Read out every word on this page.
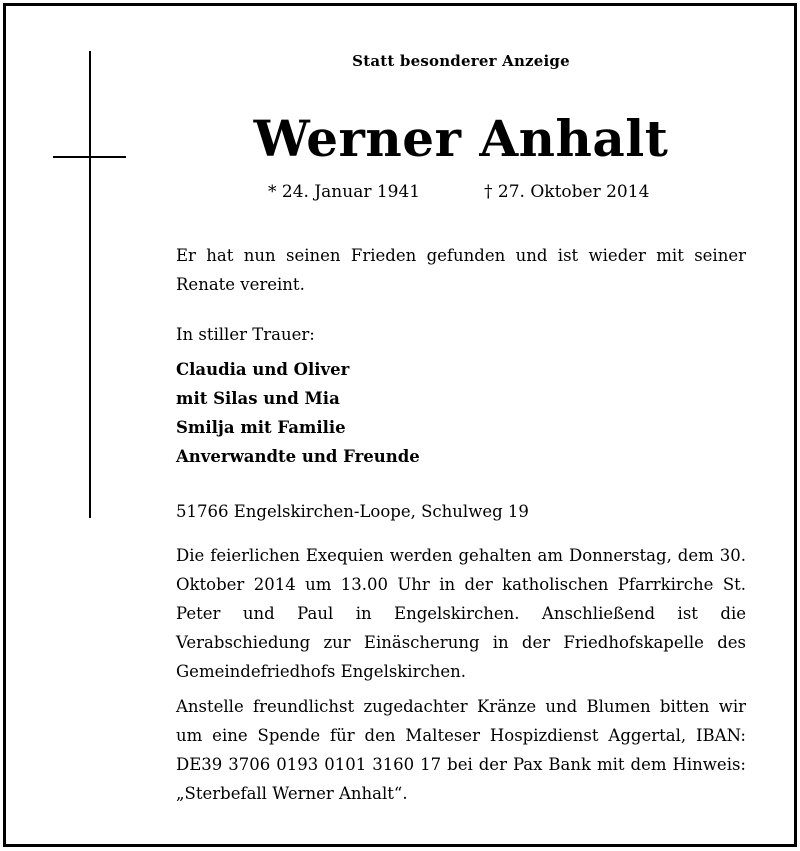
Statt besonderer Anzeige
Werner Anhalt
* 24. Januar 1941	† 27. Oktober 2014
Er hat nun seinen Frieden gefunden und ist wieder mit seiner Renate vereint.
In stiller Trauer:
Claudia und Oliver
mit Silas und Mia
Smilja mit Familie
Anverwandte und Freunde
51766 Engelskirchen-Loope, Schulweg 19
Die feierlichen Exequien werden gehalten am Donnerstag, dem 30. Oktober 2014 um 13.00 Uhr in der katholischen Pfarrkirche St. Peter und Paul in Engelskirchen. Anschließend ist die Verabschiedung zur Einäscherung in der Friedhofskapelle des Gemeindefriedhofs Engelskirchen.
Anstelle freundlichst zugedachter Kränze und Blumen bitten wir um eine Spende für den Malteser Hospizdienst Aggertal, IBAN: DE39 3706 0193 0101 3160 17 bei der Pax Bank mit dem Hinweis: „Sterbefall Werner Anhalt“.
